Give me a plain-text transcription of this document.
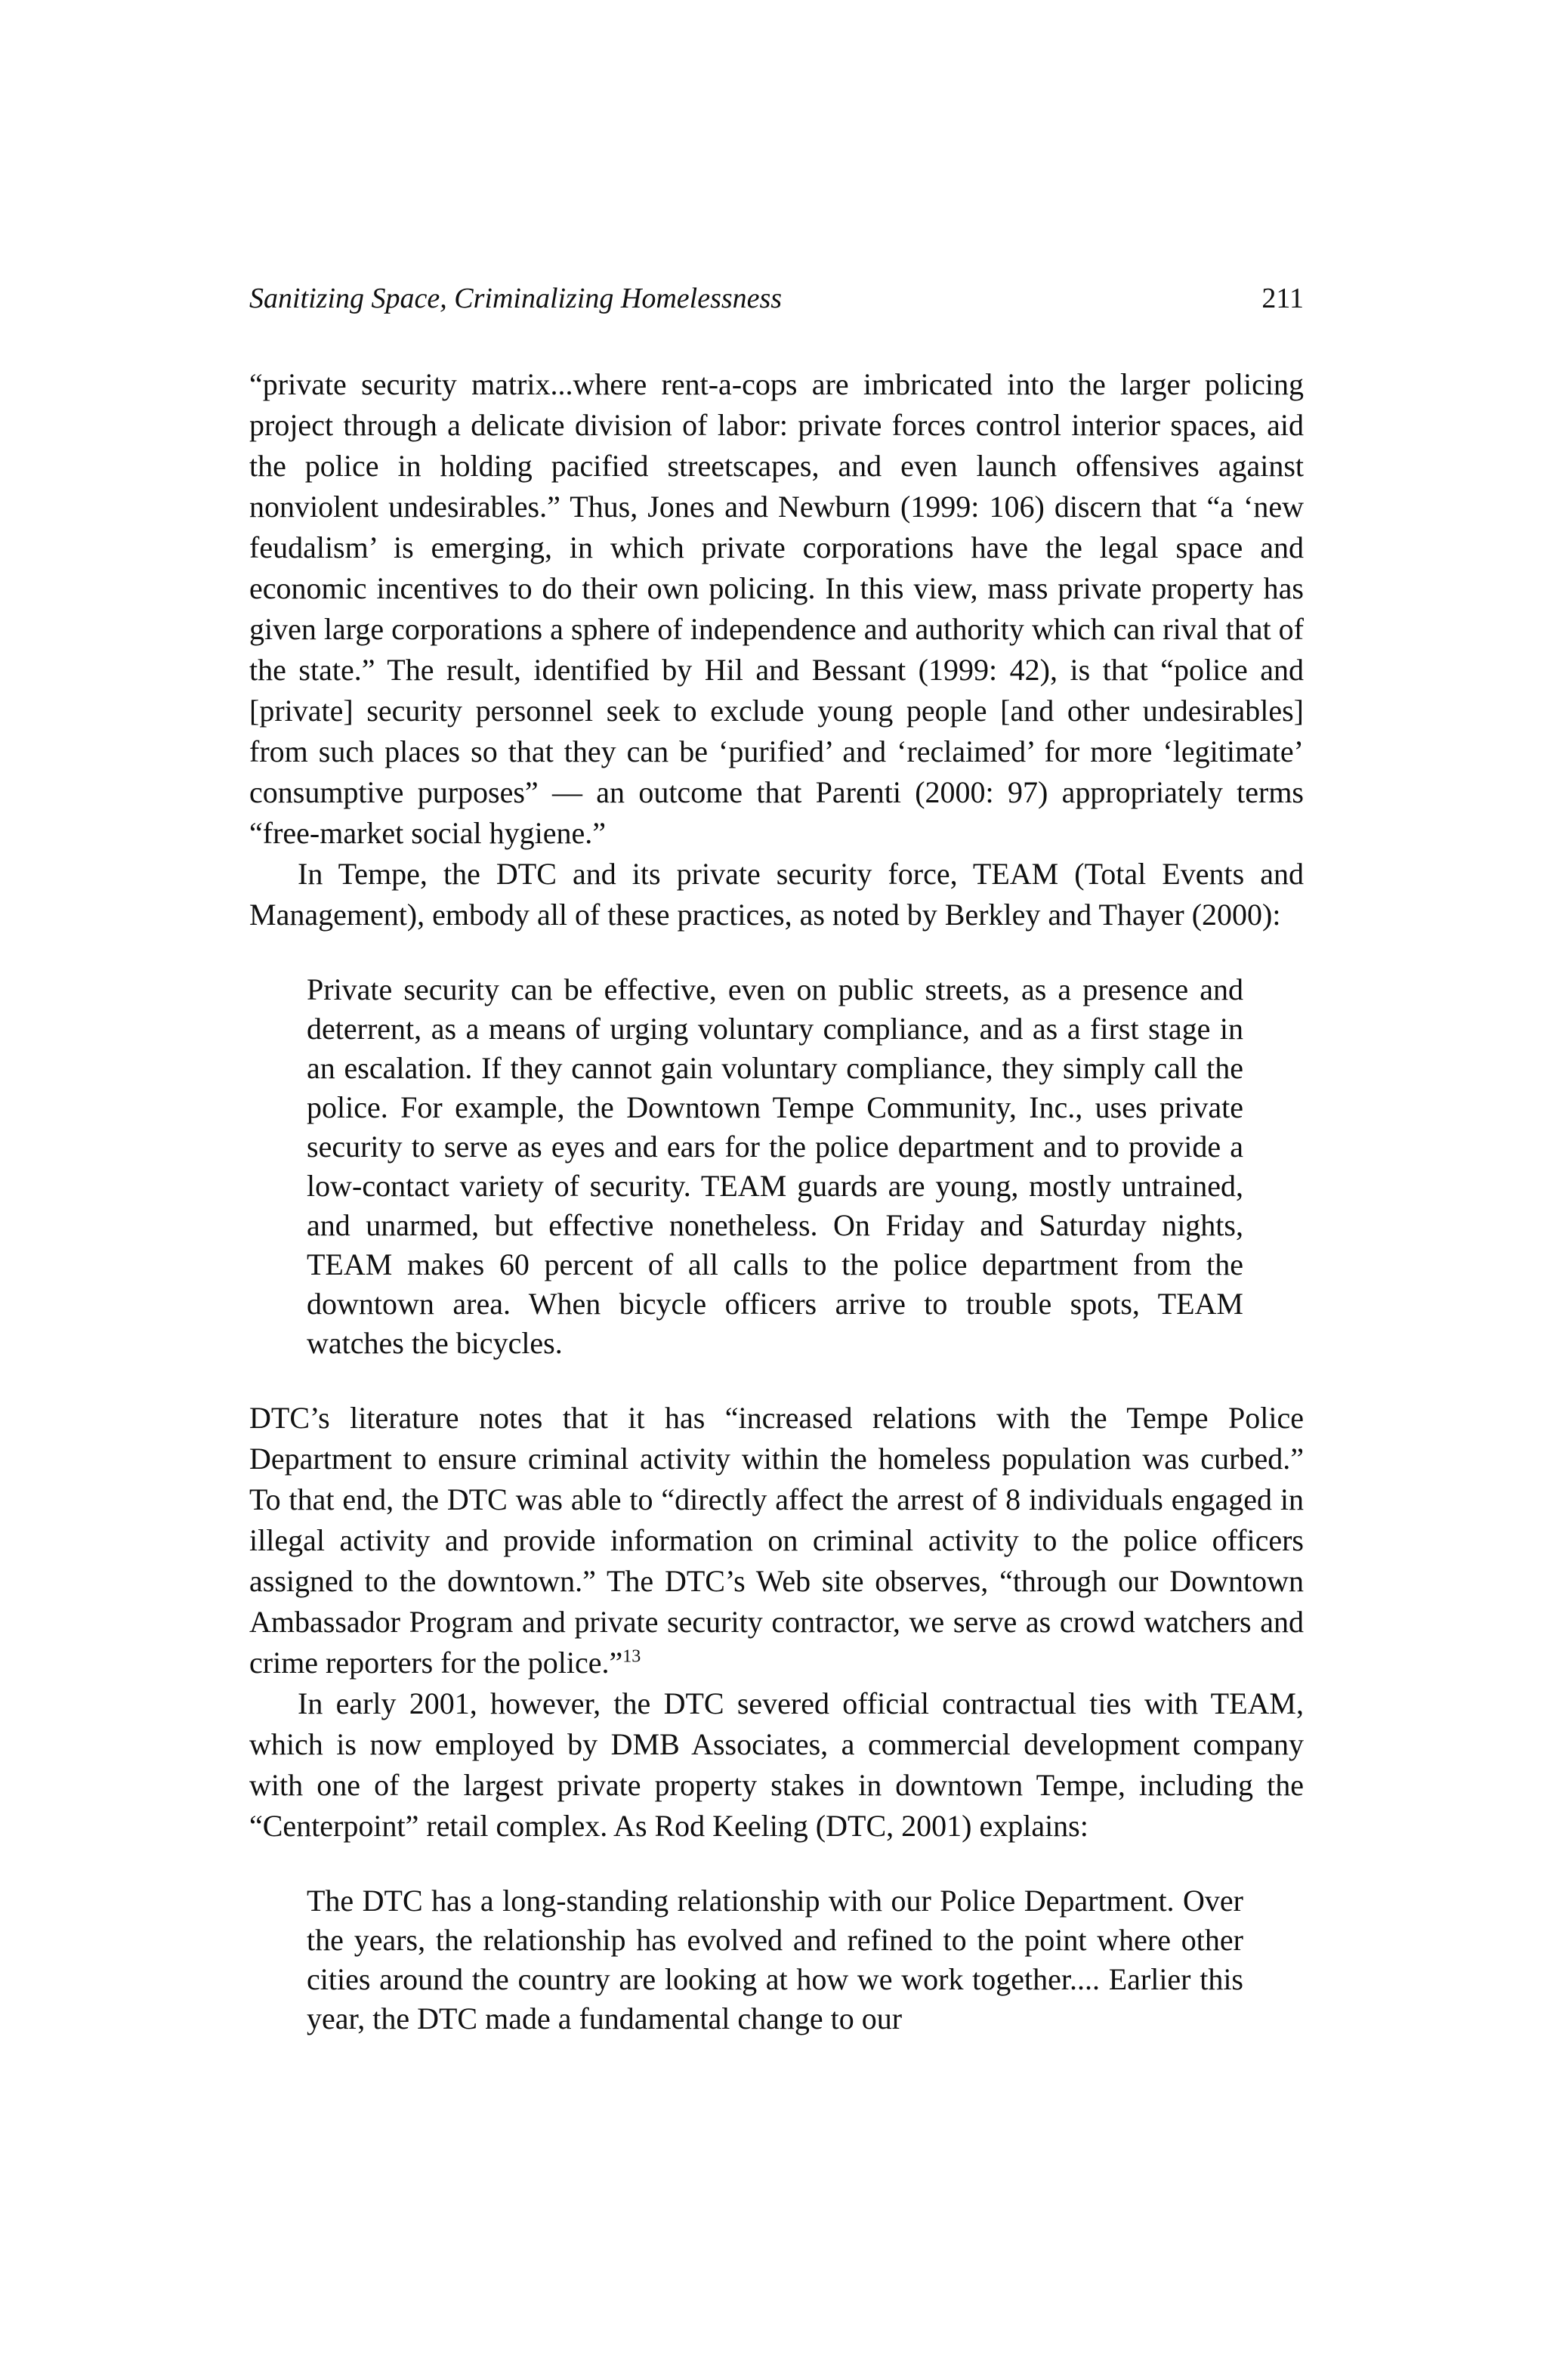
Sanitizing Space, Criminalizing Homelessness	211

“private security matrix...where rent-a-cops are imbricated into the larger policing project through a delicate division of labor: private forces control interior spaces, aid the police in holding pacified streetscapes, and even launch offensives against nonviolent undesirables.” Thus, Jones and Newburn (1999: 106) discern that “a ‘new feudalism’ is emerging, in which private corporations have the legal space and economic incentives to do their own policing. In this view, mass private property has given large corporations a sphere of independence and authority which can rival that of the state.” The result, identified by Hil and Bessant (1999: 42), is that “police and [private] security personnel seek to exclude young people [and other undesirables] from such places so that they can be ‘purified’ and ‘reclaimed’ for more ‘legitimate’ consumptive purposes” — an outcome that Parenti (2000: 97) appropriately terms “free-market social hygiene.”

In Tempe, the DTC and its private security force, TEAM (Total Events and Management), embody all of these practices, as noted by Berkley and Thayer (2000):

Private security can be effective, even on public streets, as a presence and deterrent, as a means of urging voluntary compliance, and as a first stage in an escalation. If they cannot gain voluntary compliance, they simply call the police. For example, the Downtown Tempe Community, Inc., uses private security to serve as eyes and ears for the police department and to provide a low-contact variety of security. TEAM guards are young, mostly untrained, and unarmed, but effective nonetheless. On Friday and Saturday nights, TEAM makes 60 percent of all calls to the police department from the downtown area. When bicycle officers arrive to trouble spots, TEAM watches the bicycles.

DTC’s literature notes that it has “increased relations with the Tempe Police Department to ensure criminal activity within the homeless population was curbed.” To that end, the DTC was able to “directly affect the arrest of 8 individuals engaged in illegal activity and provide information on criminal activity to the police officers assigned to the downtown.” The DTC’s Web site observes, “through our Downtown Ambassador Program and private security contractor, we serve as crowd watchers and crime reporters for the police.”$^{13}$

In early 2001, however, the DTC severed official contractual ties with TEAM, which is now employed by DMB Associates, a commercial development company with one of the largest private property stakes in downtown Tempe, including the “Centerpoint” retail complex. As Rod Keeling (DTC, 2001) explains:

The DTC has a long-standing relationship with our Police Department. Over the years, the relationship has evolved and refined to the point where other cities around the country are looking at how we work together.... Earlier this year, the DTC made a fundamental change to our
